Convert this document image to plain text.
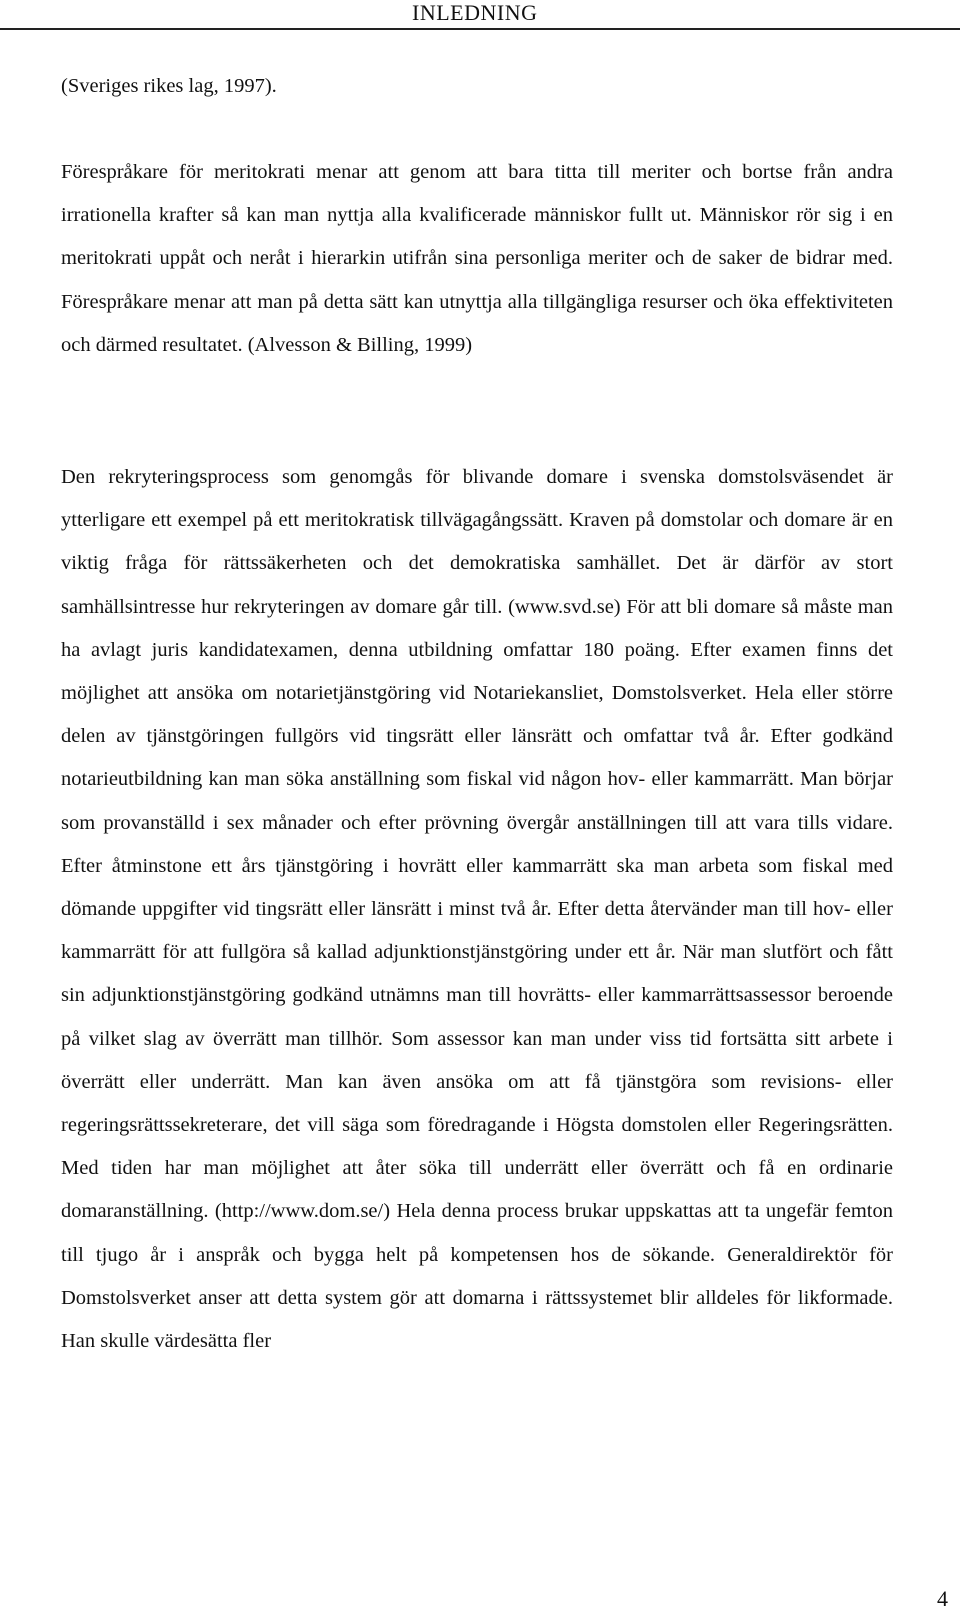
INLEDNING

(Sveriges rikes lag, 1997).

Förespråkare för meritokrati menar att genom att bara titta till meriter och bortse från andra irrationella krafter så kan man nyttja alla kvalificerade människor fullt ut. Människor rör sig i en meritokrati uppåt och neråt i hierarkin utifrån sina personliga meriter och de saker de bidrar med. Förespråkare menar att man på detta sätt kan utnyttja alla tillgängliga resurser och öka effektiviteten och därmed resultatet. (Alvesson & Billing, 1999)

Den rekryteringsprocess som genomgås för blivande domare i svenska domstolsväsendet är ytterligare ett exempel på ett meritokratisk tillvägagångssätt. Kraven på domstolar och domare är en viktig fråga för rättssäkerheten och det demokratiska samhället. Det är därför av stort samhällsintresse hur rekryteringen av domare går till. (www.svd.se) För att bli domare så måste man ha avlagt juris kandidatexamen, denna utbildning omfattar 180 poäng. Efter examen finns det möjlighet att ansöka om notarietjänstgöring vid Notariekansliet, Domstolsverket. Hela eller större delen av tjänstgöringen fullgörs vid tingsrätt eller länsrätt och omfattar två år. Efter godkänd notarieutbildning kan man söka anställning som fiskal vid någon hov- eller kammarrätt. Man börjar som provanställd i sex månader och efter prövning övergår anställningen till att vara tills vidare. Efter åtminstone ett års tjänstgöring i hovrätt eller kammarrätt ska man arbeta som fiskal med dömande uppgifter vid tingsrätt eller länsrätt i minst två år. Efter detta återvänder man till hov- eller kammarrätt för att fullgöra så kallad adjunktionstjänstgöring under ett år. När man slutfört och fått sin adjunktionstjänstgöring godkänd utnämns man till hovrätts- eller kammarrättsassessor beroende på vilket slag av överrätt man tillhör. Som assessor kan man under viss tid fortsätta sitt arbete i överrätt eller underrätt. Man kan även ansöka om att få tjänstgöra som revisions- eller regeringsrättssekreterare, det vill säga som föredragande i Högsta domstolen eller Regeringsrätten. Med tiden har man möjlighet att åter söka till underrätt eller överrätt och få en ordinarie domaranställning. (http://www.dom.se/) Hela denna process brukar uppskattas att ta ungefär femton till tjugo år i anspråk och bygga helt på kompetensen hos de sökande. Generaldirektör för Domstolsverket anser att detta system gör att domarna i rättssystemet blir alldeles för likformade. Han skulle värdesätta fler

4
